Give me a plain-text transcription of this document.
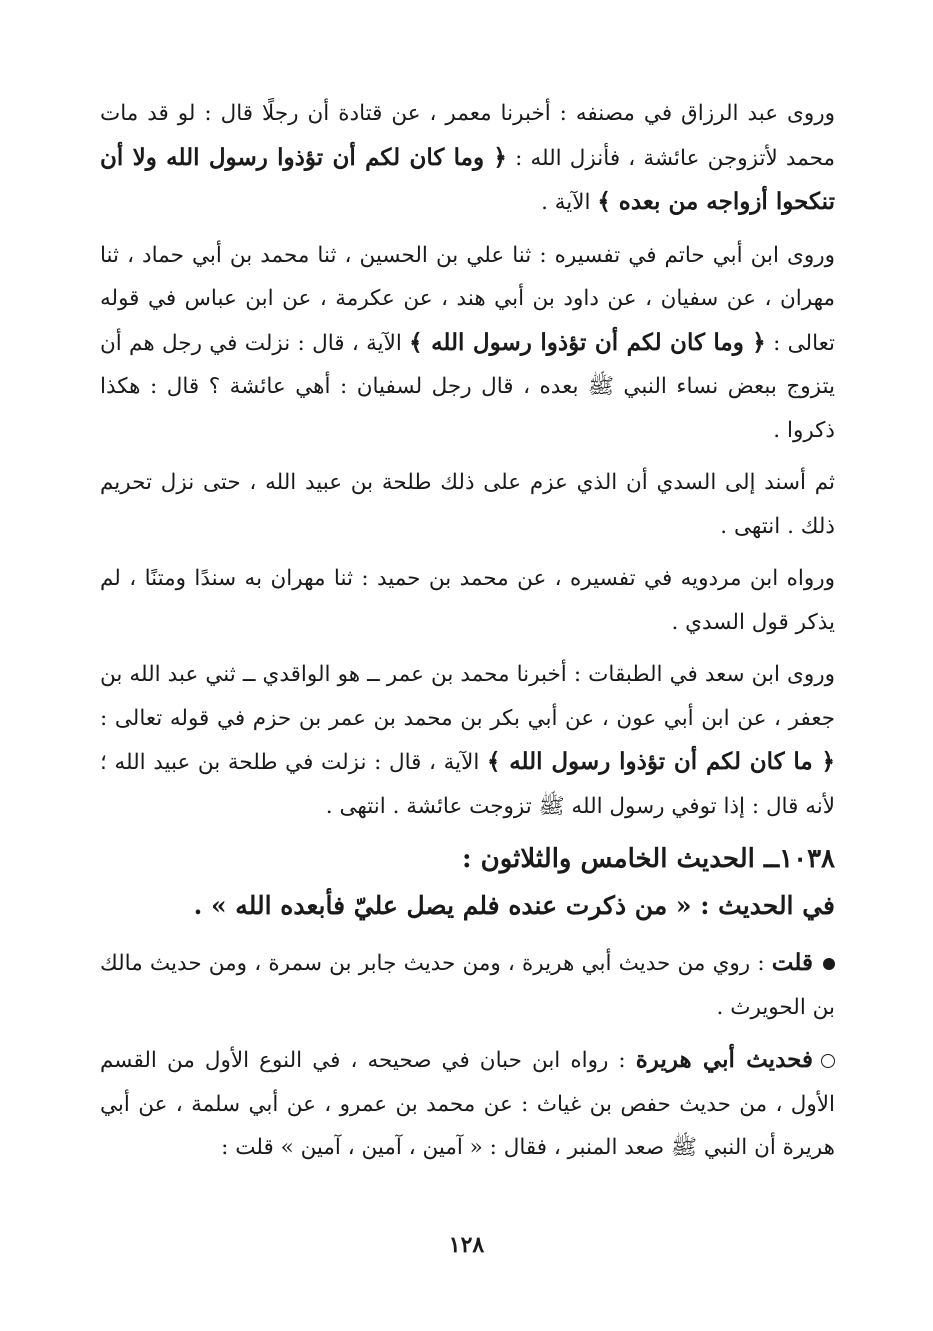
وروى عبد الرزاق في مصنفه : أخبرنا معمر ، عن قتادة أن رجلًا قال : لو قد مات محمد لأتزوجن عائشة ، فأنزل الله : ﴿ وما كان لكم أن تؤذوا رسول الله ولا أن تنكحوا أزواجه من بعده ﴾ الآية .

وروى ابن أبي حاتم في تفسيره : ثنا علي بن الحسين ، ثنا محمد بن أبي حماد ، ثنا مهران ، عن سفيان ، عن داود بن أبي هند ، عن عكرمة ، عن ابن عباس في قوله تعالى : ﴿ وما كان لكم أن تؤذوا رسول الله ﴾ الآية ، قال : نزلت في رجل هم أن يتزوج ببعض نساء النبي ﷺ بعده ، قال رجل لسفيان : أهي عائشة ؟ قال : هكذا ذكروا .

ثم أسند إلى السدي أن الذي عزم على ذلك طلحة بن عبيد الله ، حتى نزل تحريم ذلك . انتهى .

ورواه ابن مردويه في تفسيره ، عن محمد بن حميد : ثنا مهران به سندًا ومتنًا ، لم يذكر قول السدي .

وروى ابن سعد في الطبقات : أخبرنا محمد بن عمر ــ هو الواقدي ــ ثني عبد الله بن جعفر ، عن ابن أبي عون ، عن أبي بكر بن محمد بن عمر بن حزم في قوله تعالى : ﴿ ما كان لكم أن تؤذوا رسول الله ﴾ الآية ، قال : نزلت في طلحة بن عبيد الله ؛ لأنه قال : إذا توفي رسول الله ﷺ تزوجت عائشة . انتهى .

١٠٣٨ــ الحديث الخامس والثلاثون :
في الحديث : « من ذكرت عنده فلم يصل عليّ فأبعده الله » .

قلت : روي من حديث أبي هريرة ، ومن حديث جابر بن سمرة ، ومن حديث مالك بن الحويرث .

فحديث أبي هريرة : رواه ابن حبان في صحيحه ، في النوع الأول من القسم الأول ، من حديث حفص بن غياث : عن محمد بن عمرو ، عن أبي سلمة ، عن أبي هريرة أن النبي ﷺ صعد المنبر ، فقال : « آمين ، آمين ، آمين » قلت :

١٢٨
